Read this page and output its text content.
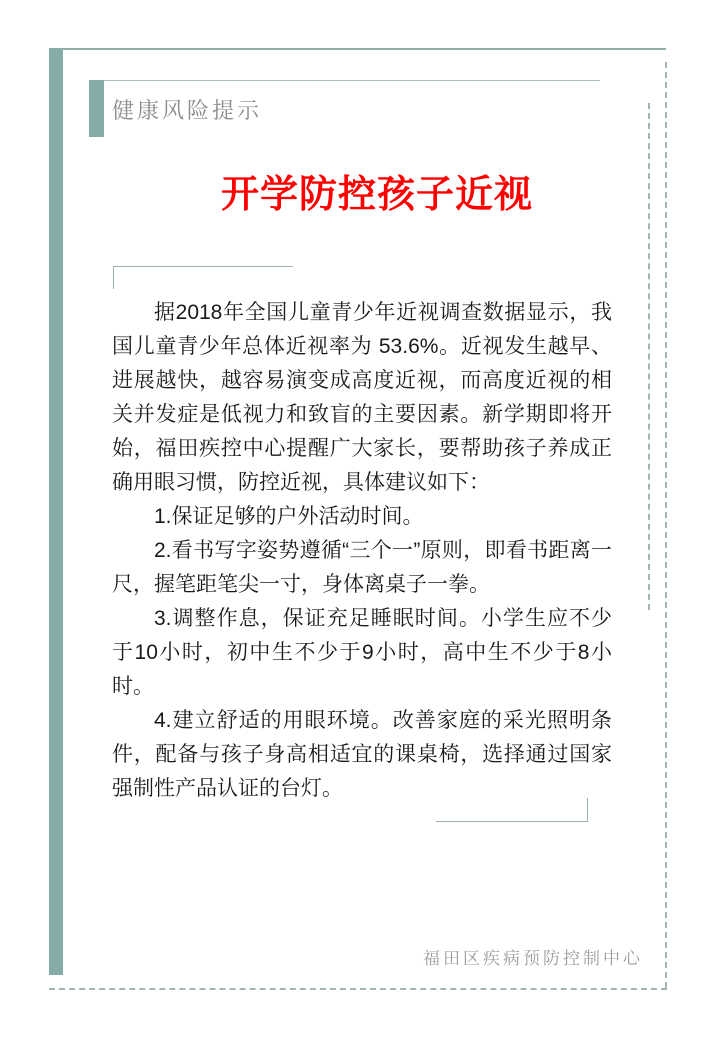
健康风险提示
开学防控孩子近视

据2018年全国儿童青少年近视调查数据显示，我国儿童青少年总体近视率为 53.6%。近视发生越早、进展越快，越容易演变成高度近视，而高度近视的相关并发症是低视力和致盲的主要因素。新学期即将开始，福田疾控中心提醒广大家长，要帮助孩子养成正确用眼习惯，防控近视，具体建议如下：

1.保证足够的户外活动时间。

2.看书写字姿势遵循“三个一”原则，即看书距离一尺，握笔距笔尖一寸，身体离桌子一拳。

3.调整作息，保证充足睡眠时间。小学生应不少于10小时，初中生不少于9小时，高中生不少于8小时。

4.建立舒适的用眼环境。改善家庭的采光照明条件，配备与孩子身高相适宜的课桌椅，选择通过国家强制性产品认证的台灯。

福田区疾病预防控制中心
